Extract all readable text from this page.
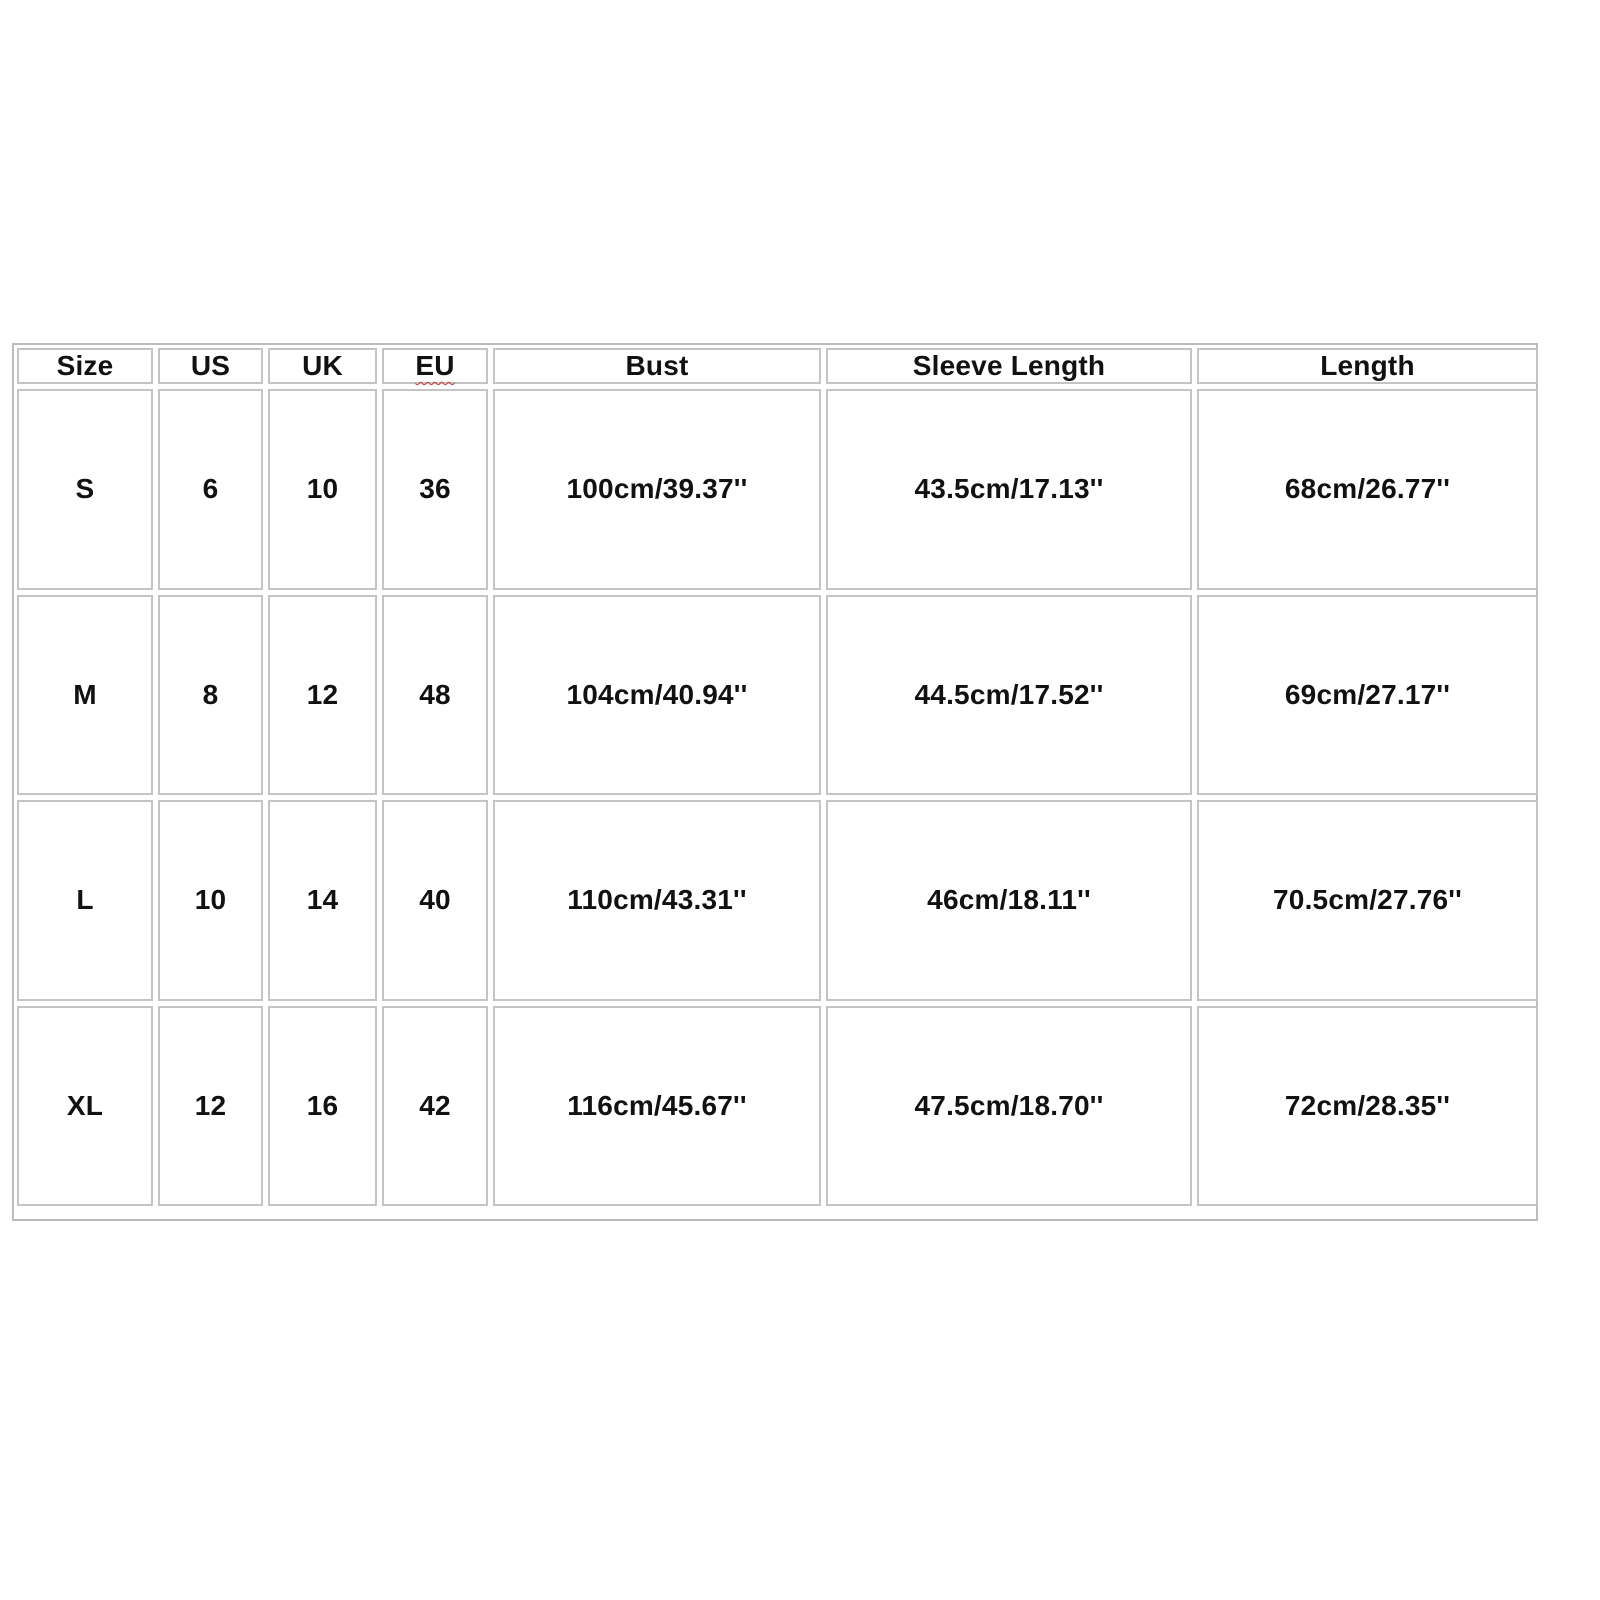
Size	US	UK	EU	Bust	Sleeve Length	Length
S	6	10	36	100cm/39.37''	43.5cm/17.13''	68cm/26.77''
M	8	12	48	104cm/40.94''	44.5cm/17.52''	69cm/27.17''
L	10	14	40	110cm/43.31''	46cm/18.11''	70.5cm/27.76''
XL	12	16	42	116cm/45.67''	47.5cm/18.70''	72cm/28.35''
